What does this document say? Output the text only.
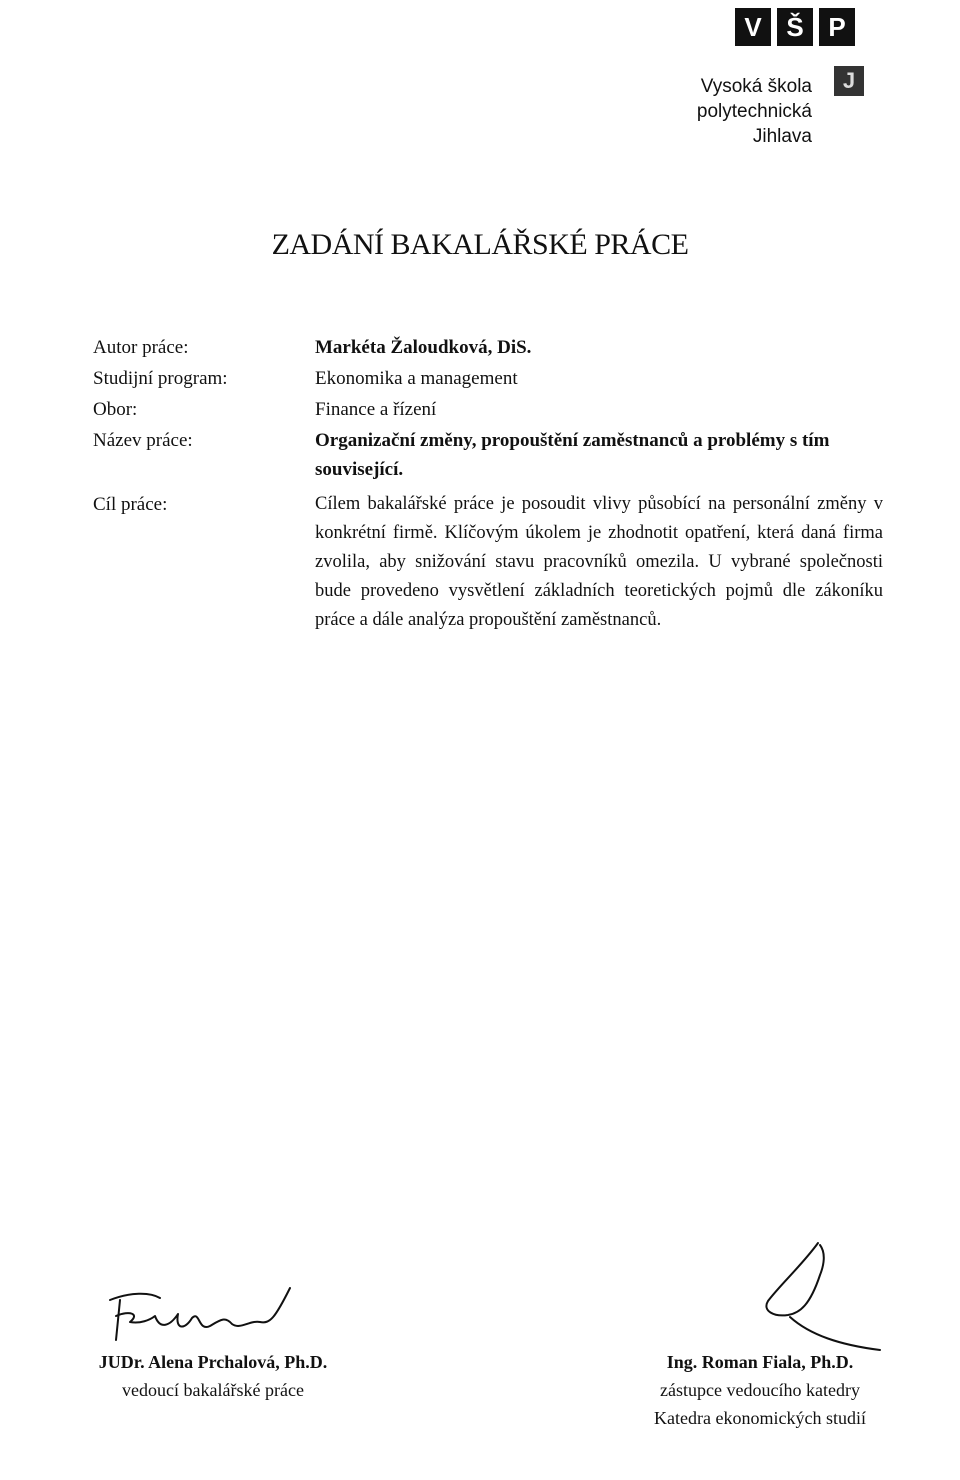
V Š P
Vysoká škola
polytechnická
Jihlava
J
ZADÁNÍ BAKALÁŘSKÉ PRÁCE
Autor práce:	Markéta Žaloudková, DiS.
Studijní program:	Ekonomika a management
Obor:	Finance a řízení
Název práce:	Organizační změny, propouštění zaměstnanců a problémy s tím související.
Cíl práce:	Cílem bakalářské práce je posoudit vlivy působící na personální změny v konkrétní firmě. Klíčovým úkolem je zhodnotit opatření, která daná firma zvolila, aby snižování stavu pracovníků omezila. U vybrané společnosti bude provedeno vysvětlení základních teoretických pojmů dle zákoníku práce a dále analýza propouštění zaměstnanců.
JUDr. Alena Prchalová, Ph.D.
vedoucí bakalářské práce
Ing. Roman Fiala, Ph.D.
zástupce vedoucího katedry
Katedra ekonomických studií
